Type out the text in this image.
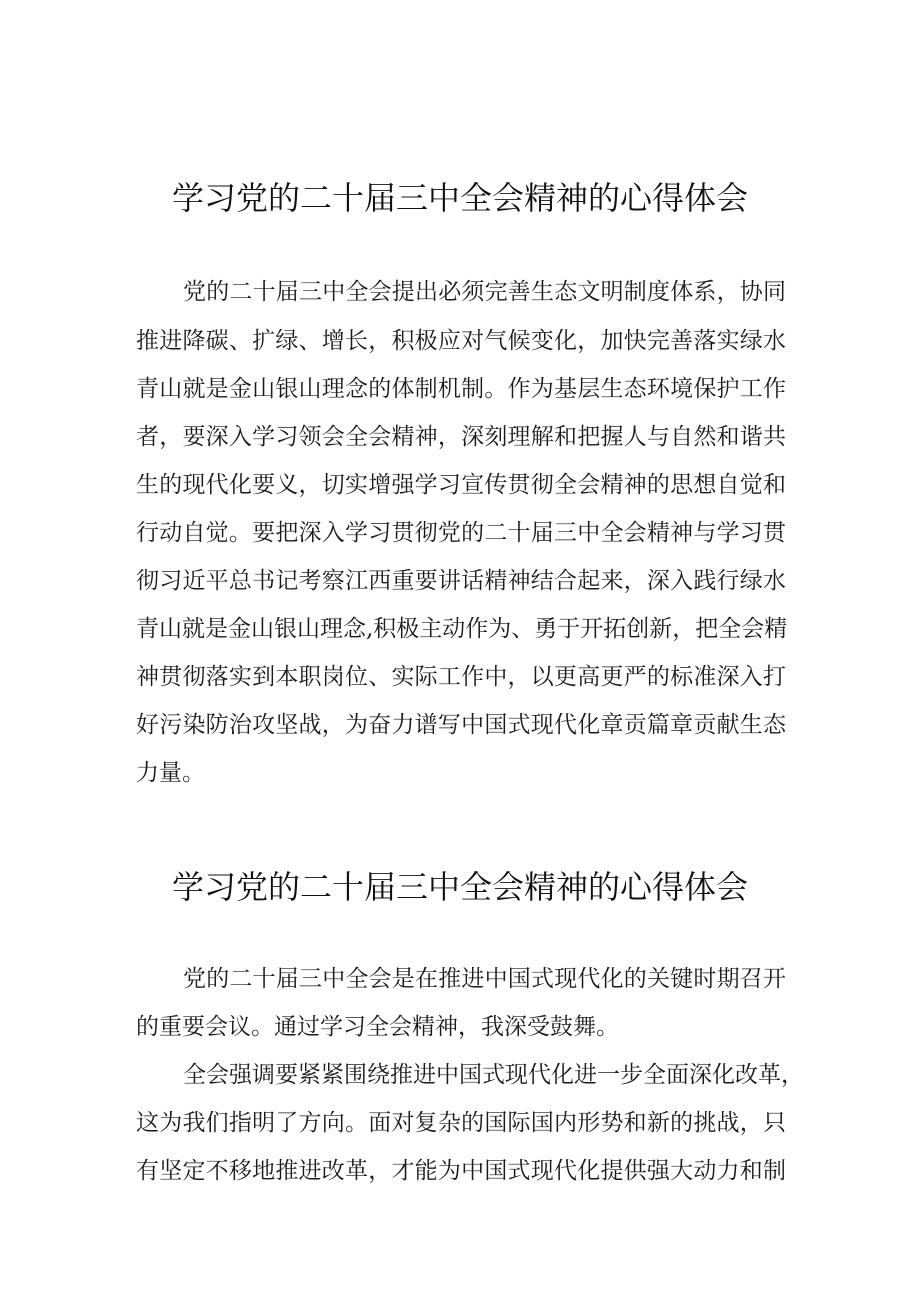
学习党的二十届三中全会精神的心得体会
党的二十届三中全会提出必须完善生态文明制度体系，协同
推进降碳、扩绿、增长，积极应对气候变化，加快完善落实绿水
青山就是金山银山理念的体制机制。作为基层生态环境保护工作
者，要深入学习领会全会精神，深刻理解和把握人与自然和谐共
生的现代化要义，切实增强学习宣传贯彻全会精神的思想自觉和
行动自觉。要把深入学习贯彻党的二十届三中全会精神与学习贯
彻习近平总书记考察江西重要讲话精神结合起来，深入践行绿水
青山就是金山银山理念,积极主动作为、勇于开拓创新，把全会精
神贯彻落实到本职岗位、实际工作中，以更高更严的标准深入打
好污染防治攻坚战，为奋力谱写中国式现代化章贡篇章贡献生态
力量。
学习党的二十届三中全会精神的心得体会
党的二十届三中全会是在推进中国式现代化的关键时期召开
的重要会议。通过学习全会精神，我深受鼓舞。
全会强调要紧紧围绕推进中国式现代化进一步全面深化改革，
这为我们指明了方向。面对复杂的国际国内形势和新的挑战，只
有坚定不移地推进改革，才能为中国式现代化提供强大动力和制
